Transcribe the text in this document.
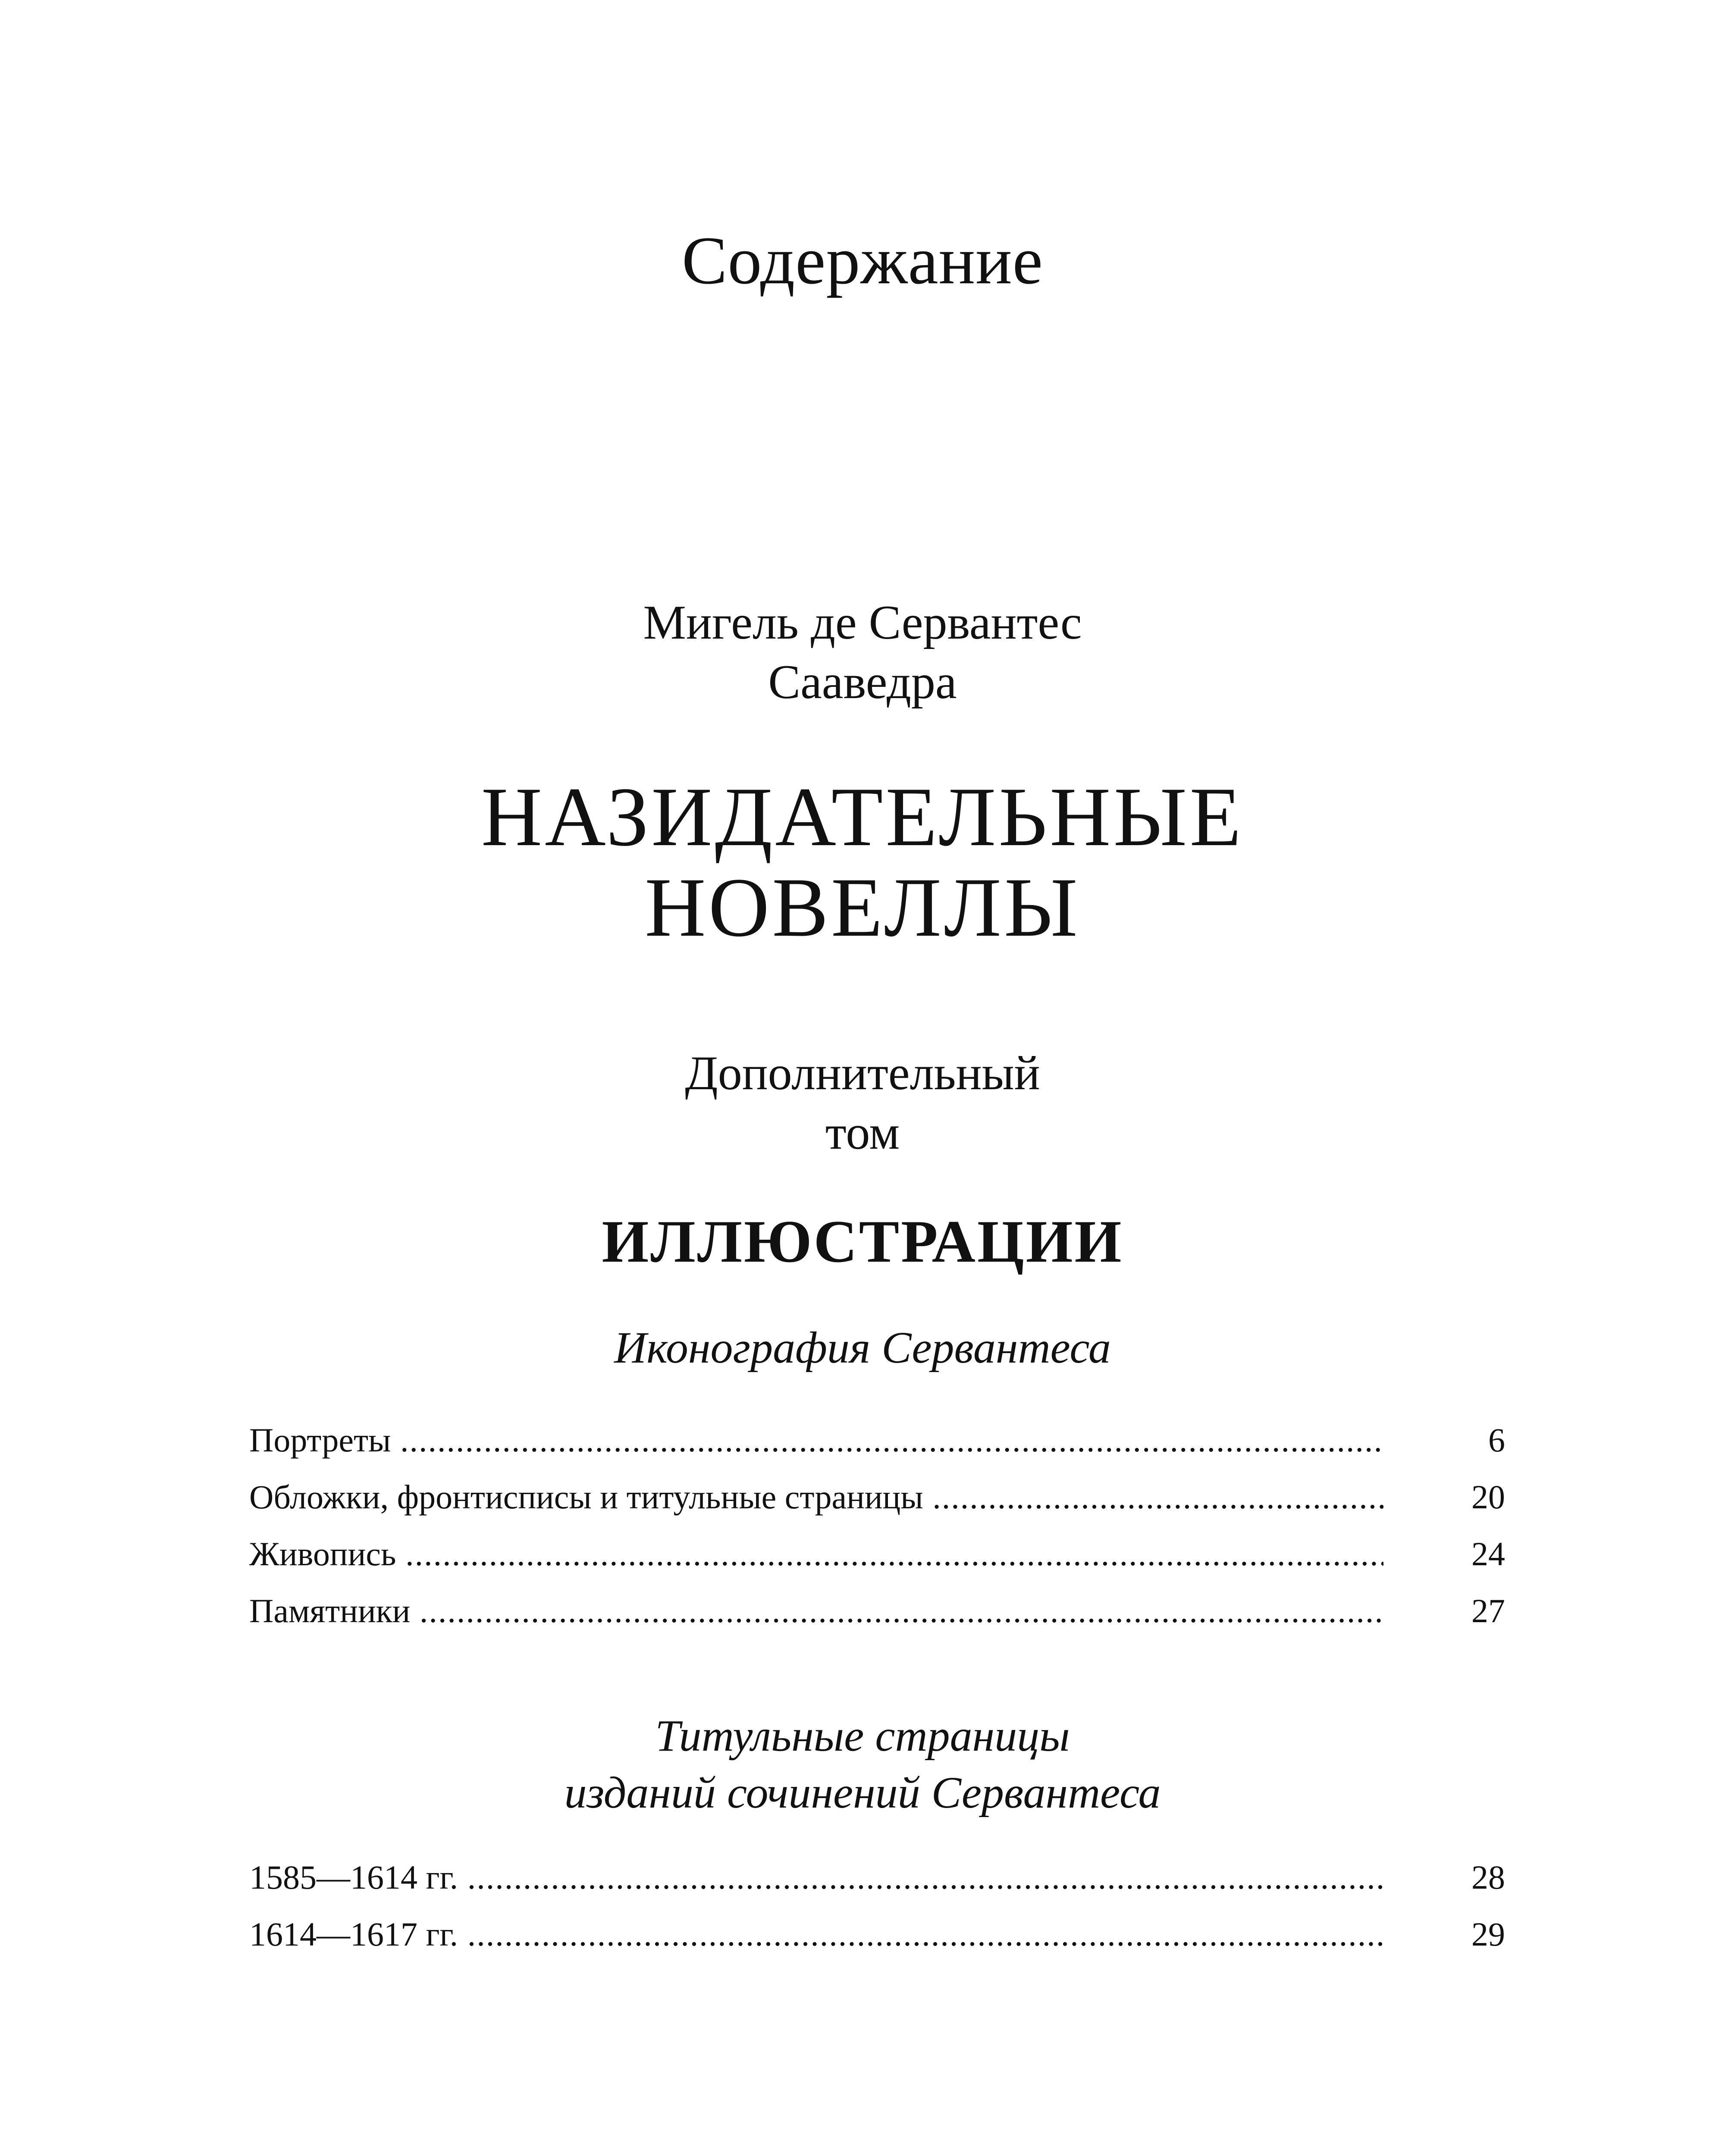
Содержание
Мигель де Сервантес
Сааведра
НАЗИДАТЕЛЬНЫЕ
НОВЕЛЛЫ
Дополнительный
том
ИЛЛЮСТРАЦИИ
Иконография Сервантеса
Портреты .....	6
Обложки, фронтисписы и титульные страницы .....	20
Живопись .....	24
Памятники .....	27
Титульные страницы
изданий сочинений Сервантеса
1585—1614 гг. .....	28
1614—1617 гг. .....	29
